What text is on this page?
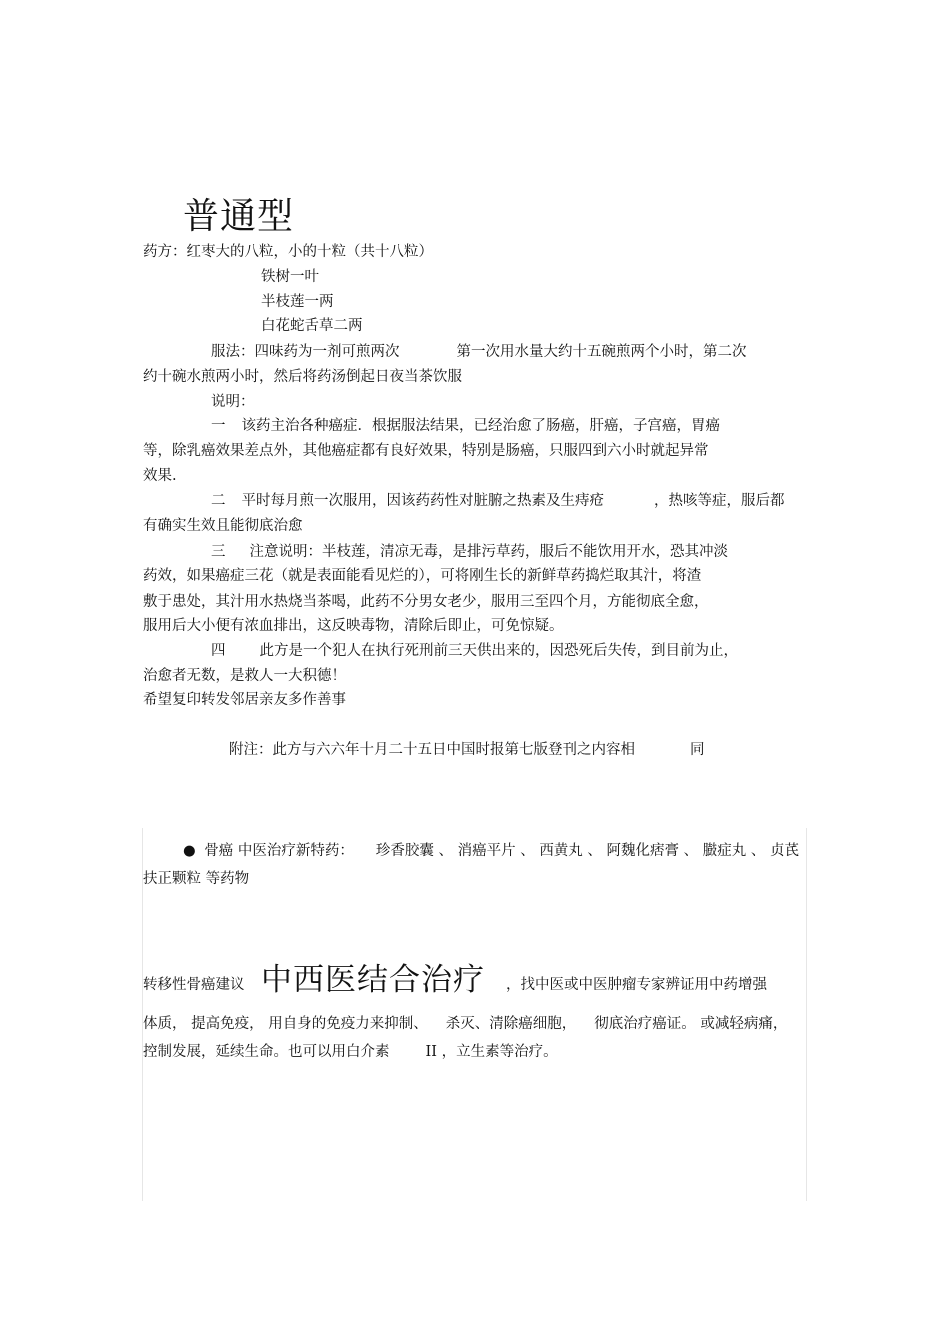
普通型
药方：红枣大的八粒，小的十粒（共十八粒）
铁树一叶
半枝莲一两
白花蛇舌草二两
服法：四味药为一剂可煎两次	第一次用水量大约十五碗煎两个小时，第二次
约十碗水煎两小时，然后将药汤倒起日夜当茶饮服
说明：
一 该药主治各种癌症．根据服法结果，已经治愈了肠癌，肝癌，子宫癌，胃癌
等，除乳癌效果差点外，其他癌症都有良好效果，特别是肠癌，只服四到六小时就起异常
效果.
二 平时每月煎一次服用，因该药药性对脏腑之热素及生痔疮	，热咳等症，服后都
有确实生效且能彻底治愈
三 注意说明：半枝莲，清凉无毒，是排污草药，服后不能饮用开水，恐其冲淡
药效，如果癌症三花（就是表面能看见烂的），可将刚生长的新鲜草药捣烂取其汁，将渣
敷于患处，其汁用水热烧当茶喝，此药不分男女老少，服用三至四个月，方能彻底全愈，
服用后大小便有浓血排出，这反映毒物，清除后即止，可免惊疑。
四 此方是一个犯人在执行死刑前三天供出来的，因恐死后失传，到目前为止，
治愈者无数，是救人一大积德！
希望复印转发邻居亲友多作善事
附注：此方与六六年十月二十五日中国时报第七版登刊之内容相	同
● 骨癌 中医治疗新特药： 珍香胶囊 、 消癌平片 、 西黄丸 、 阿魏化痞膏 、 臌症丸 、 贞芪
扶正颗粒 等药物
转移性骨癌建议 中西医结合治疗 ，找中医或中医肿瘤专家辨证用中药增强
体质， 提高免疫， 用自身的免疫力来抑制、 杀灭、清除癌细胞， 彻底治疗癌证。 或减轻病痛，
控制发展，延续生命。也可以用白介素 II ，立生素等治疗。
